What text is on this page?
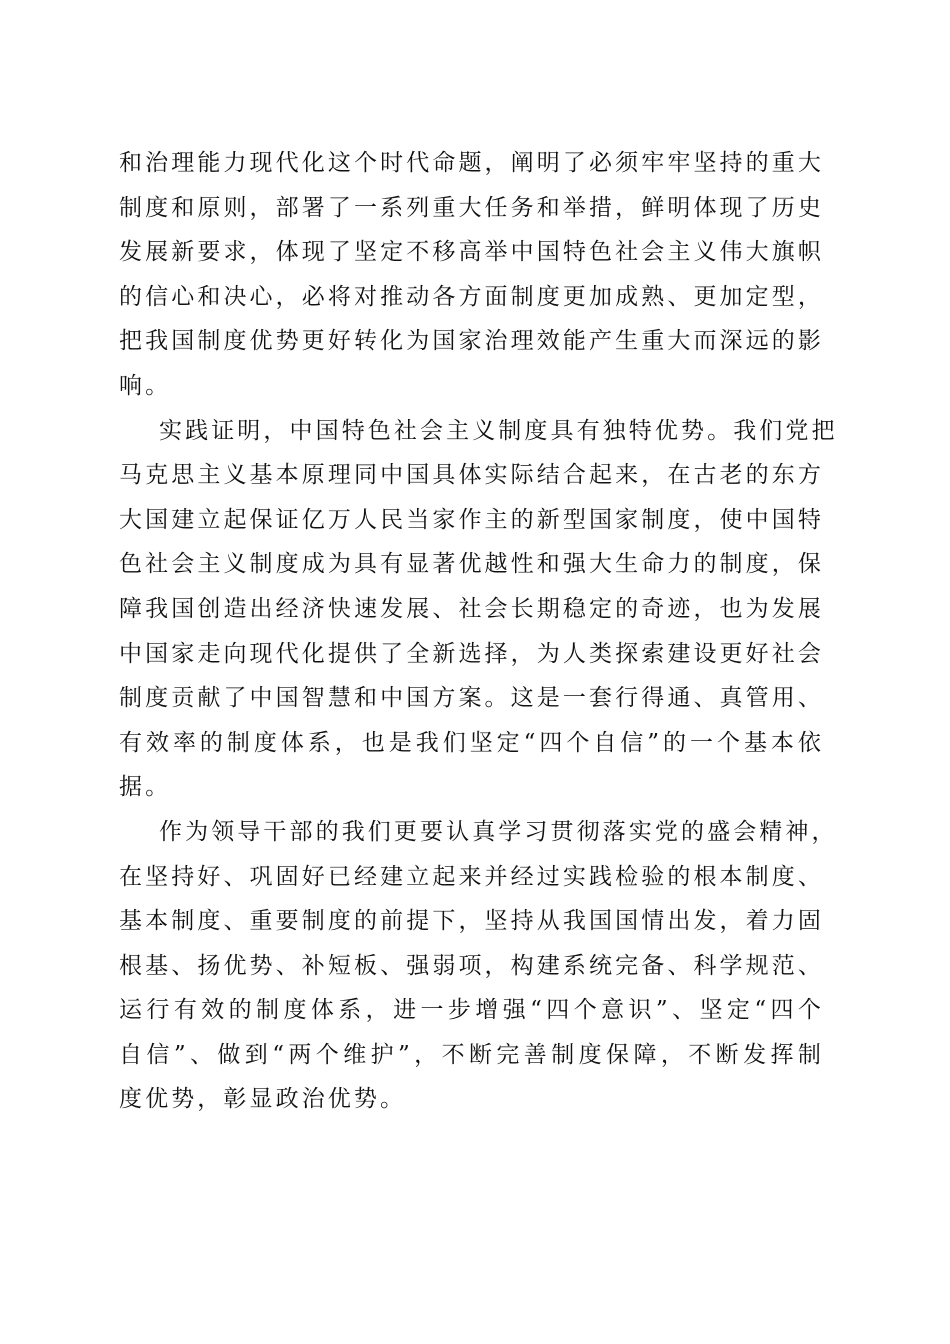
和治理能力现代化这个时代命题，阐明了必须牢牢坚持的重大
制度和原则，部署了一系列重大任务和举措，鲜明体现了历史
发展新要求，体现了坚定不移高举中国特色社会主义伟大旗帜
的信心和决心，必将对推动各方面制度更加成熟、更加定型，
把我国制度优势更好转化为国家治理效能产生重大而深远的影
响。

实践证明，中国特色社会主义制度具有独特优势。我们党把
马克思主义基本原理同中国具体实际结合起来，在古老的东方
大国建立起保证亿万人民当家作主的新型国家制度，使中国特
色社会主义制度成为具有显著优越性和强大生命力的制度，保
障我国创造出经济快速发展、社会长期稳定的奇迹，也为发展
中国家走向现代化提供了全新选择，为人类探索建设更好社会
制度贡献了中国智慧和中国方案。这是一套行得通、真管用、
有效率的制度体系，也是我们坚定“四个自信”的一个基本依
据。

作为领导干部的我们更要认真学习贯彻落实党的盛会精神，
在坚持好、巩固好已经建立起来并经过实践检验的根本制度、
基本制度、重要制度的前提下，坚持从我国国情出发，着力固
根基、扬优势、补短板、强弱项，构建系统完备、科学规范、
运行有效的制度体系，进一步增强“四个意识”、坚定“四个
自信”、做到“两个维护”，不断完善制度保障，不断发挥制
度优势，彰显政治优势。
